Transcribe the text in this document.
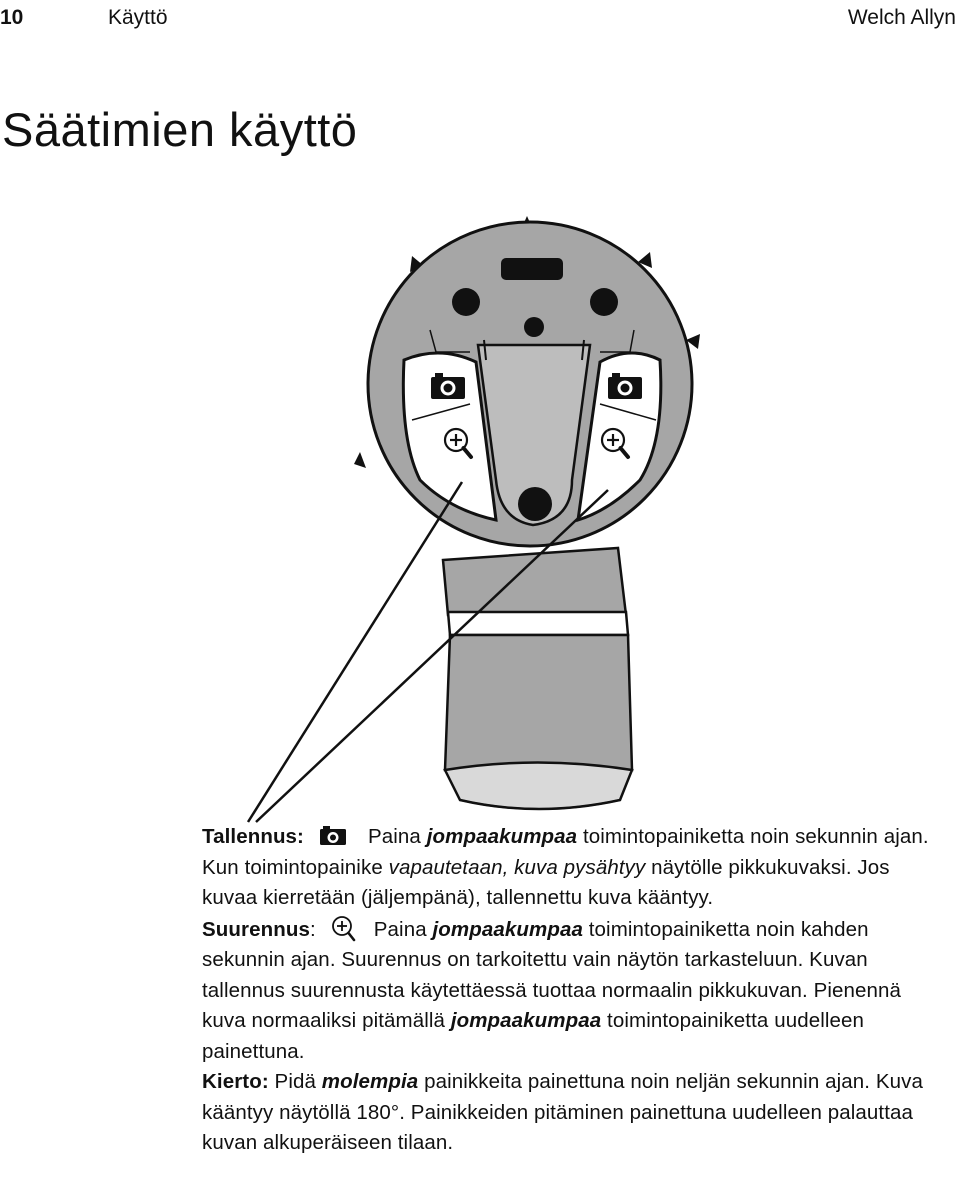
10	Käyttö	Welch Allyn
Säätimien käyttö

Tallennus:	Paina jompaakumpaa toimintopainiketta noin sekunnin ajan. Kun toimintopainike vapautetaan, kuva pysähtyy näytölle pikkukuvaksi. Jos kuvaa kierretään (jäljempänä), tallennettu kuva kääntyy.

Suurennus:	Paina jompaakumpaa toimintopainiketta noin kahden sekunnin ajan. Suurennus on tarkoitettu vain näytön tarkasteluun. Kuvan tallennus suurennusta käytettäessä tuottaa normaalin pikkukuvan. Pienennä kuva normaaliksi pitämällä jompaakumpaa toimintopainiketta uudelleen painettuna.

Kierto: Pidä molempia painikkeita painettuna noin neljän sekunnin ajan. Kuva kääntyy näytöllä 180°. Painikkeiden pitäminen painettuna uudelleen palauttaa kuvan alkuperäiseen tilaan.
